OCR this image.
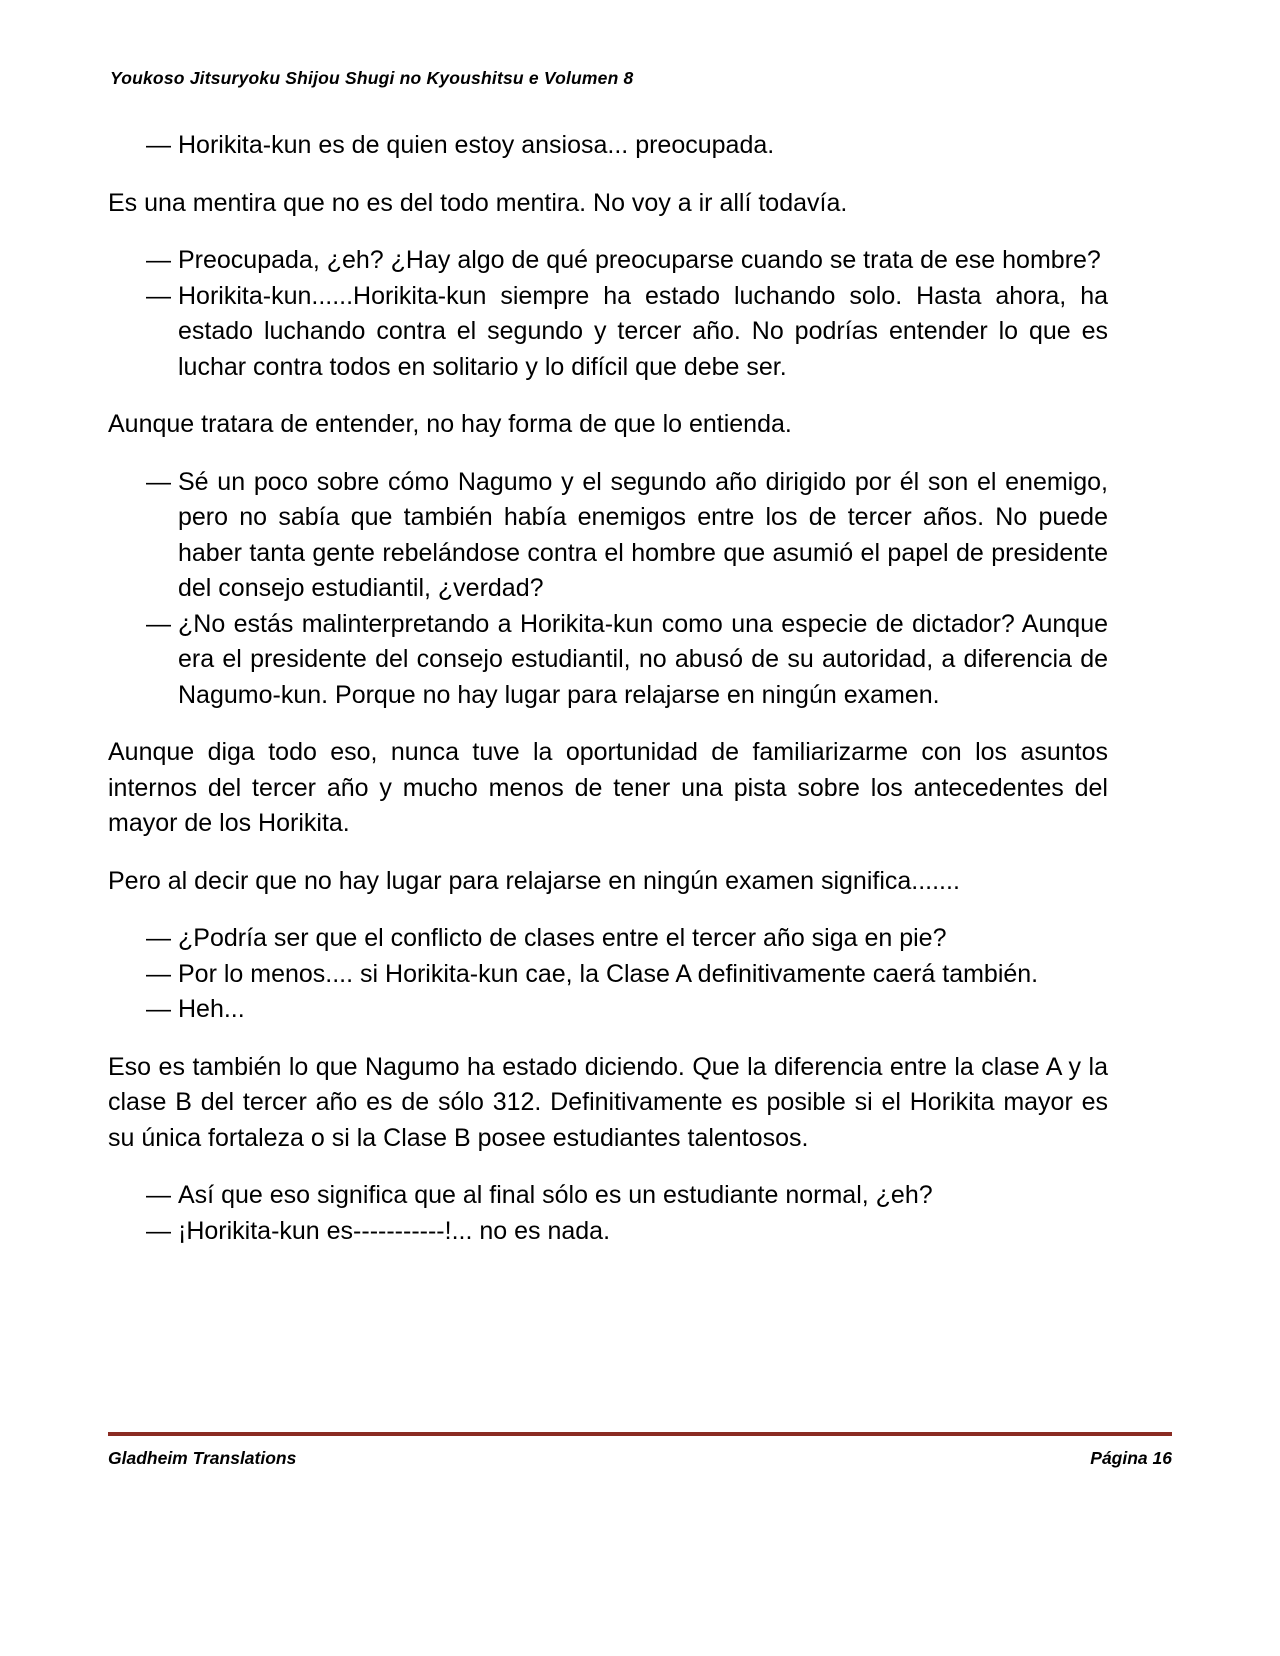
Youkoso Jitsuryoku Shijou Shugi no Kyoushitsu e Volumen 8
— Horikita-kun es de quien estoy ansiosa... preocupada.

Es una mentira que no es del todo mentira. No voy a ir allí todavía.

— Preocupada, ¿eh? ¿Hay algo de qué preocuparse cuando se trata de ese hombre?
— Horikita-kun......Horikita-kun siempre ha estado luchando solo. Hasta ahora, ha estado luchando contra el segundo y tercer año. No podrías entender lo que es luchar contra todos en solitario y lo difícil que debe ser.

Aunque tratara de entender, no hay forma de que lo entienda.

— Sé un poco sobre cómo Nagumo y el segundo año dirigido por él son el enemigo, pero no sabía que también había enemigos entre los de tercer años. No puede haber tanta gente rebelándose contra el hombre que asumió el papel de presidente del consejo estudiantil, ¿verdad?
— ¿No estás malinterpretando a Horikita-kun como una especie de dictador? Aunque era el presidente del consejo estudiantil, no abusó de su autoridad, a diferencia de Nagumo-kun. Porque no hay lugar para relajarse en ningún examen.

Aunque diga todo eso, nunca tuve la oportunidad de familiarizarme con los asuntos internos del tercer año y mucho menos de tener una pista sobre los antecedentes del mayor de los Horikita.

Pero al decir que no hay lugar para relajarse en ningún examen significa.......

— ¿Podría ser que el conflicto de clases entre el tercer año siga en pie?
— Por lo menos.... si Horikita-kun cae, la Clase A definitivamente caerá también.
— Heh...

Eso es también lo que Nagumo ha estado diciendo. Que la diferencia entre la clase A y la clase B del tercer año es de sólo 312. Definitivamente es posible si el Horikita mayor es su única fortaleza o si la Clase B posee estudiantes talentosos.

— Así que eso significa que al final sólo es un estudiante normal, ¿eh?
— ¡Horikita-kun es-----------!... no es nada.
Gladheim Translations	Página 16
